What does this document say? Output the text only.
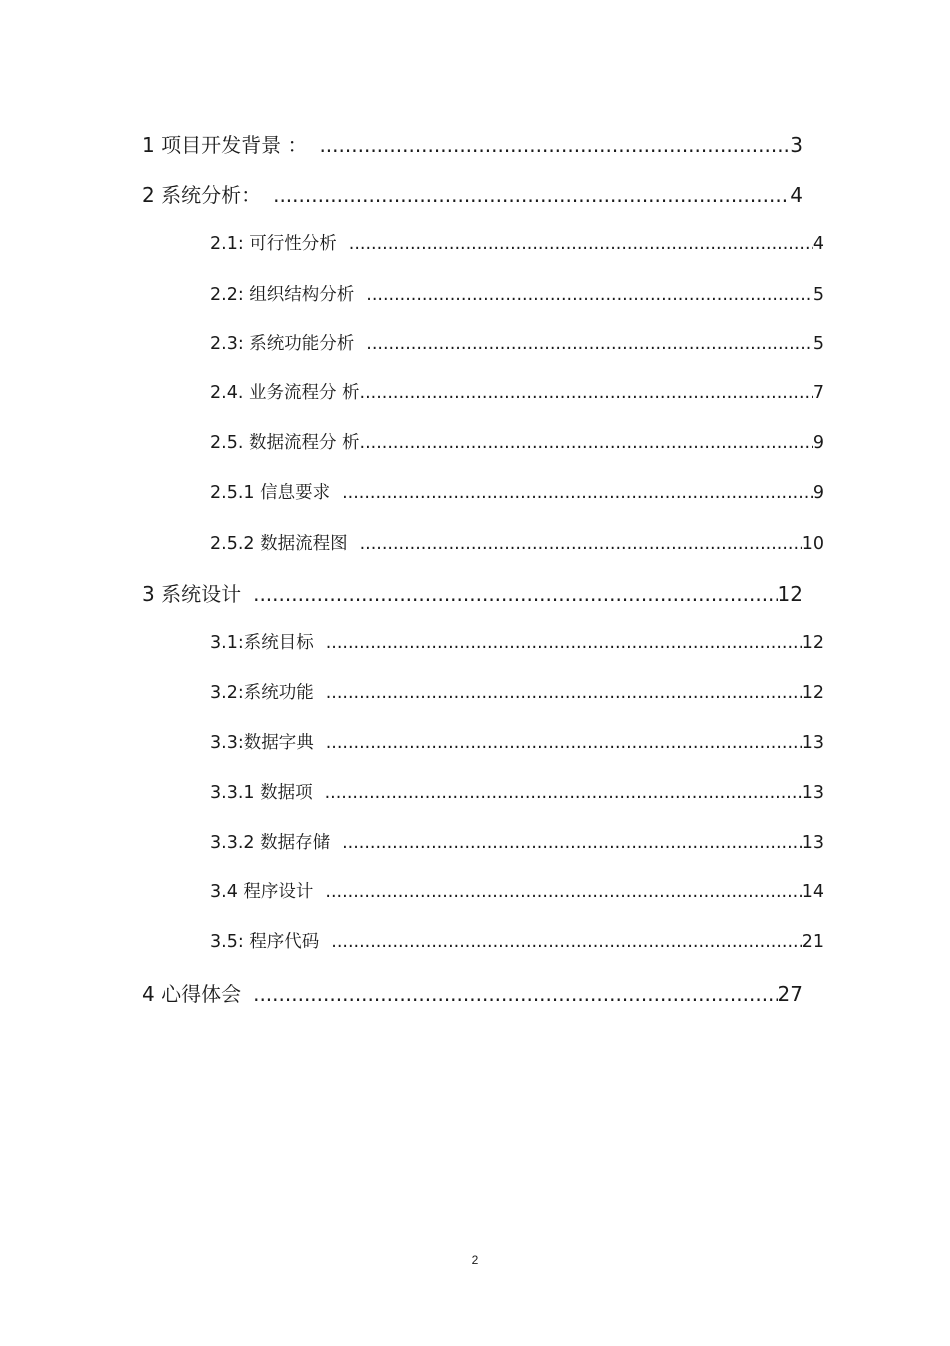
1 项目开发背景 ： .....	3
2 系统分析： .....	4
2.1: 可行性分析 .....	4
2.2: 组织结构分析 .....	5
2.3: 系统功能分析 .....	5
2.4. 业务流程分 析 .....	7
2.5. 数据流程分 析 .....	9
2.5.1 信息要求 .....	9
2.5.2 数据流程图 .....	10
3 系统设计 .....	12
3.1:系统目标 .....	12
3.2:系统功能 .....	12
3.3:数据字典 .....	13
3.3.1 数据项 .....	13
3.3.2 数据存储 .....	13
3.4 程序设计 .....	14
3.5: 程序代码 .....	21
4 心得体会 .....	27
2
